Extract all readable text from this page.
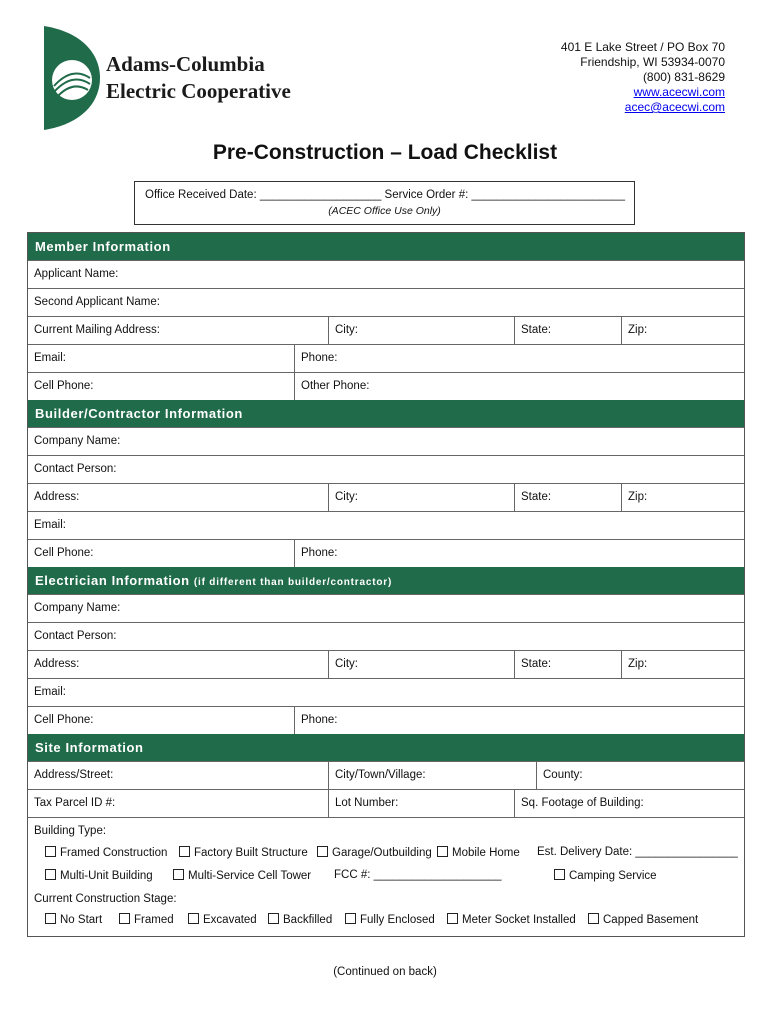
Adams-Columbia
Electric Cooperative
401 E Lake Street / PO Box 70
Friendship, WI 53934-0070
(800) 831-8629
www.acecwi.com
acec@acecwi.com
Pre-Construction – Load Checklist
Office Received Date: ___________________ Service Order #: ________________________
(ACEC Office Use Only)
Member Information
Applicant Name:
Second Applicant Name:
Current Mailing Address:	City:	State:	Zip:
Email:	Phone:
Cell Phone:	Other Phone:
Builder/Contractor Information
Company Name:
Contact Person:
Address:	City:	State:	Zip:
Email:
Cell Phone:	Phone:
Electrician Information (if different than builder/contractor)
Company Name:
Contact Person:
Address:	City:	State:	Zip:
Email:
Cell Phone:	Phone:
Site Information
Address/Street:	City/Town/Village:	County:
Tax Parcel ID #:	Lot Number:	Sq. Footage of Building:
Building Type:
Framed Construction	Factory Built Structure	Garage/Outbuilding	Mobile Home Est. Delivery Date: ________________
Multi-Unit Building	Multi-Service Cell Tower FCC #: ____________________	Camping Service
Current Construction Stage:
No Start	Framed	Excavated	Backfilled	Fully Enclosed	Meter Socket Installed	Capped Basement
(Continued on back)
